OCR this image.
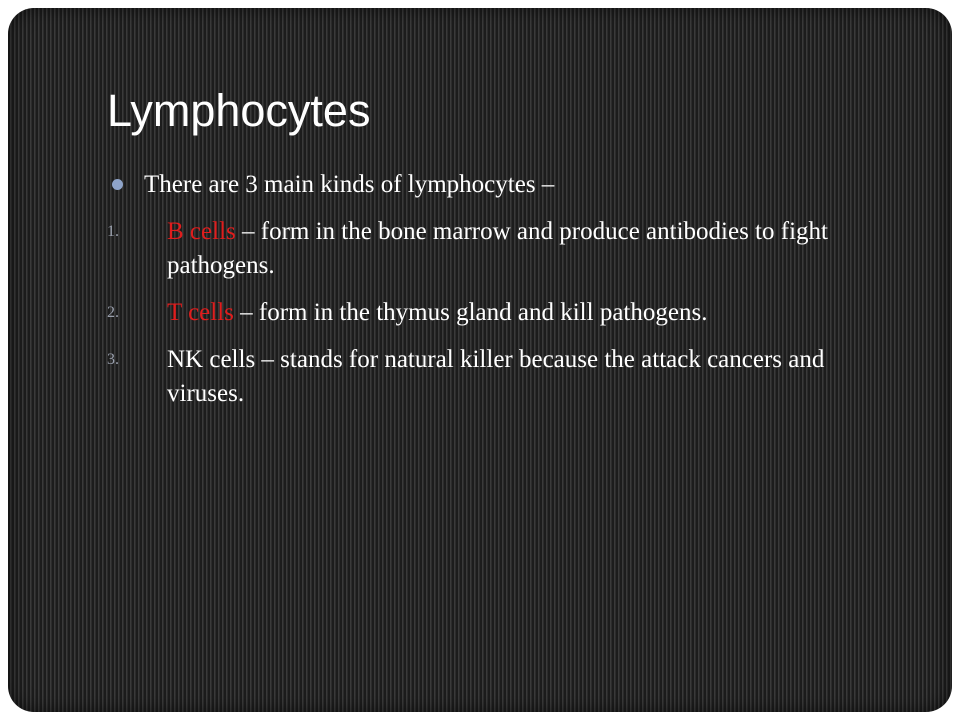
Lymphocytes
There are 3 main kinds of lymphocytes –
1. B cells – form in the bone marrow and produce antibodies to fight pathogens.
2. T cells – form in the thymus gland and kill pathogens.
3. NK cells – stands for natural killer because the attack cancers and viruses.
